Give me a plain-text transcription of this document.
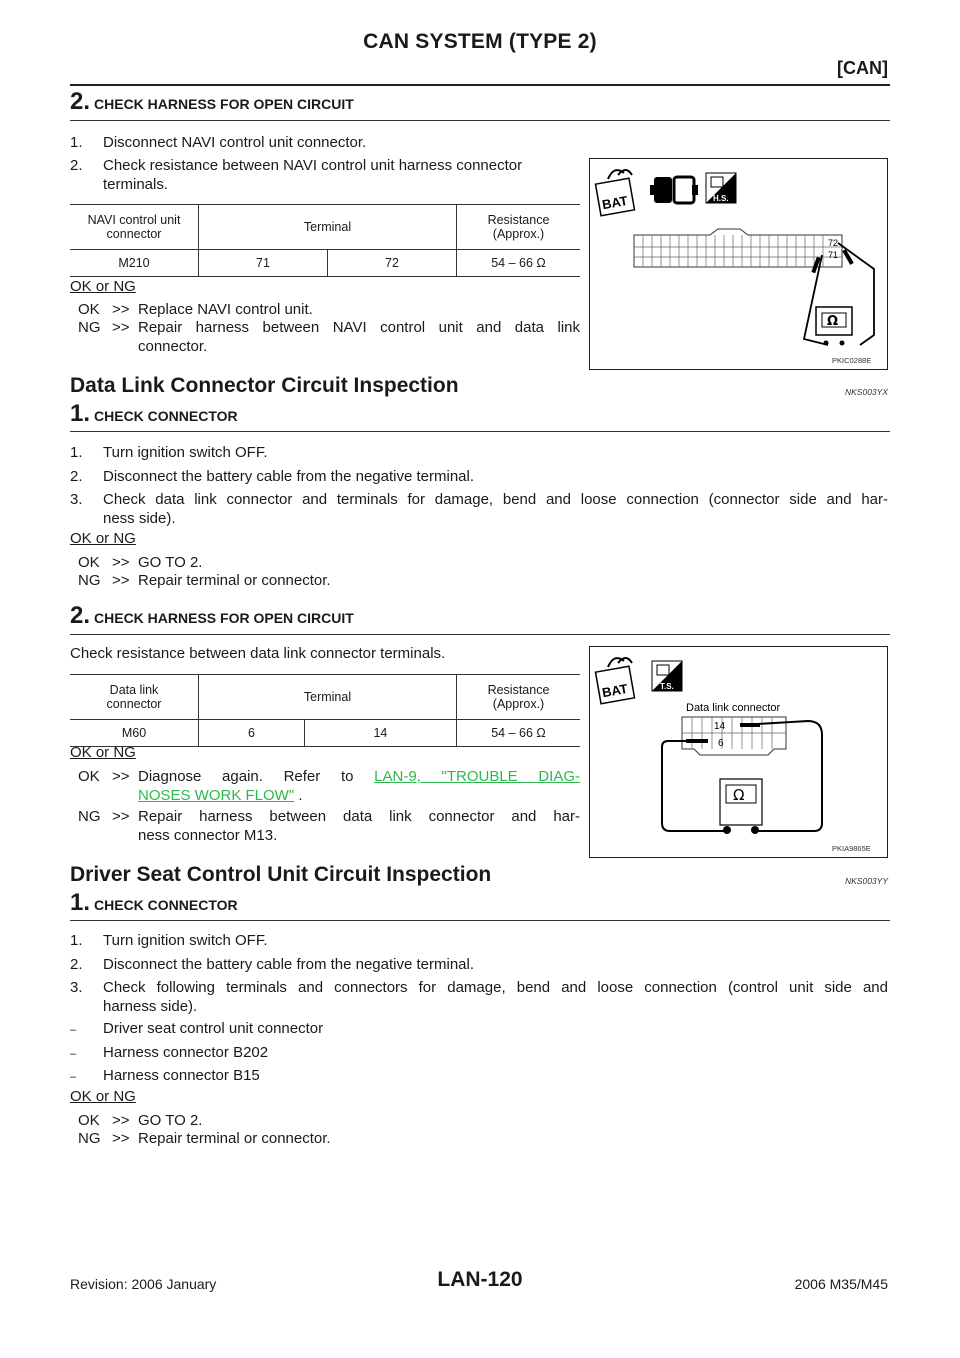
CAN SYSTEM (TYPE 2)
[CAN]
2. CHECK HARNESS FOR OPEN CIRCUIT
1. Disconnect NAVI control unit connector.
2. Check resistance between NAVI control unit harness connector
terminals.
NAVI control unit
connector	Terminal		Resistance
(Approx.)
M210	71	72	54 – 66 Ω
OK or NG
OK >> Replace NAVI control unit.
NG >> Repair harness between NAVI control unit and data link
connector.
BAT	H.S.
72
71
Ω
PKIC0288E
Data Link Connector Circuit Inspection	NKS003YX
1. CHECK CONNECTOR
1. Turn ignition switch OFF.
2. Disconnect the battery cable from the negative terminal.
3. Check data link connector and terminals for damage, bend and loose connection (connector side and har-
ness side).
OK or NG
OK >> GO TO 2.
NG >> Repair terminal or connector.
2. CHECK HARNESS FOR OPEN CIRCUIT
Check resistance between data link connector terminals.
Data link
connector	Terminal		Resistance
(Approx.)
M60	6	14	54 – 66 Ω
OK or NG
OK >> Diagnose again. Refer to LAN-9, "TROUBLE DIAG-
NOSES WORK FLOW" .
NG >> Repair harness between data link connector and har-
ness connector M13.
BAT	T.S.
Data link connector
14
6
Ω
PKIA9865E
Driver Seat Control Unit Circuit Inspection	NKS003YY
1. CHECK CONNECTOR
1. Turn ignition switch OFF.
2. Disconnect the battery cable from the negative terminal.
3. Check following terminals and connectors for damage, bend and loose connection (control unit side and
harness side).
– Driver seat control unit connector
– Harness connector B202
– Harness connector B15
OK or NG
OK >> GO TO 2.
NG >> Repair terminal or connector.
Revision: 2006 January	LAN-120	2006 M35/M45
